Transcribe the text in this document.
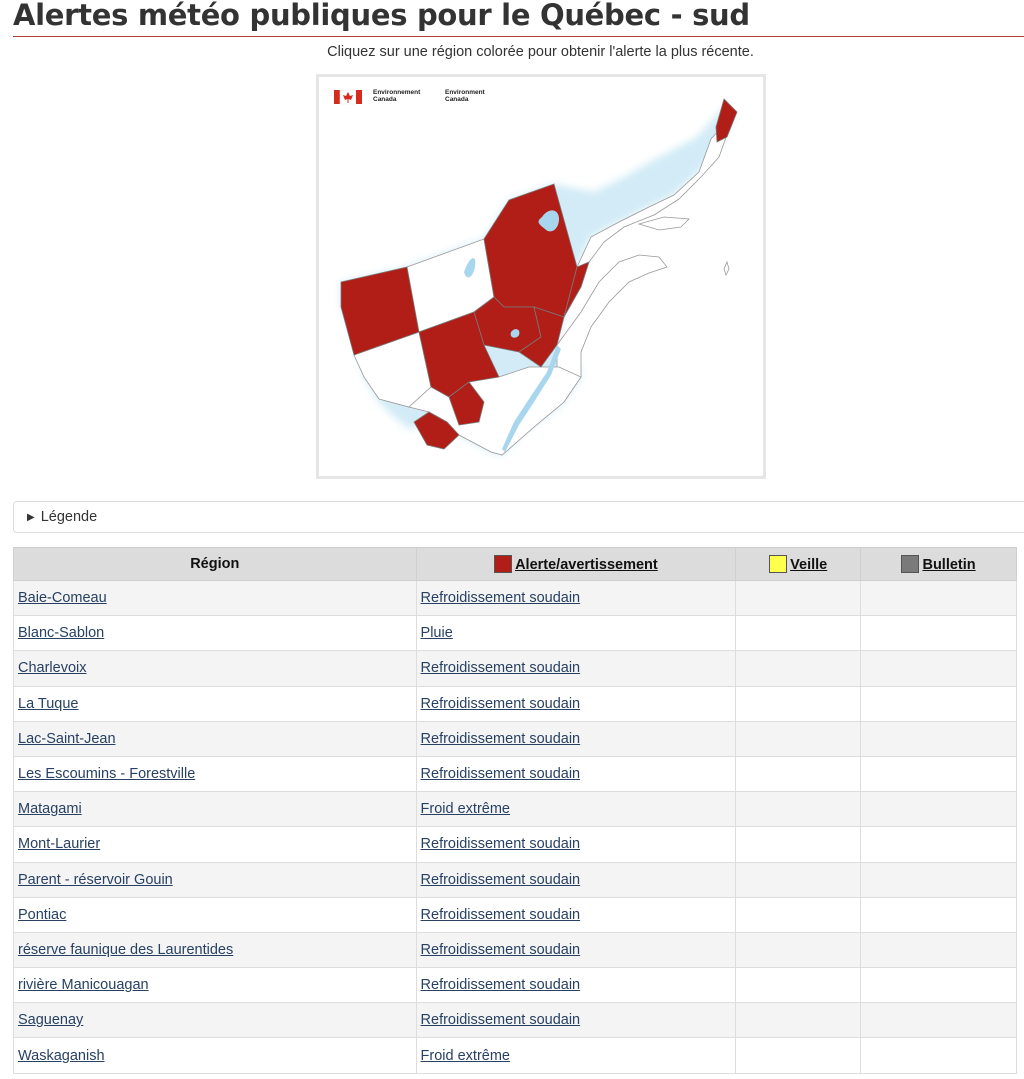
Alertes météo publiques pour le Québec - sud
Cliquez sur une région colorée pour obtenir l'alerte la plus récente.
Environnement
Canada
Environment
Canada
▶ Légende
Région	Alerte/avertissement	Veille	Bulletin
Baie-Comeau	Refroidissement soudain		
Blanc-Sablon	Pluie		
Charlevoix	Refroidissement soudain		
La Tuque	Refroidissement soudain		
Lac-Saint-Jean	Refroidissement soudain		
Les Escoumins - Forestville	Refroidissement soudain		
Matagami	Froid extrême		
Mont-Laurier	Refroidissement soudain		
Parent - réservoir Gouin	Refroidissement soudain		
Pontiac	Refroidissement soudain		
réserve faunique des Laurentides	Refroidissement soudain		
rivière Manicouagan	Refroidissement soudain		
Saguenay	Refroidissement soudain		
Waskaganish	Froid extrême		
